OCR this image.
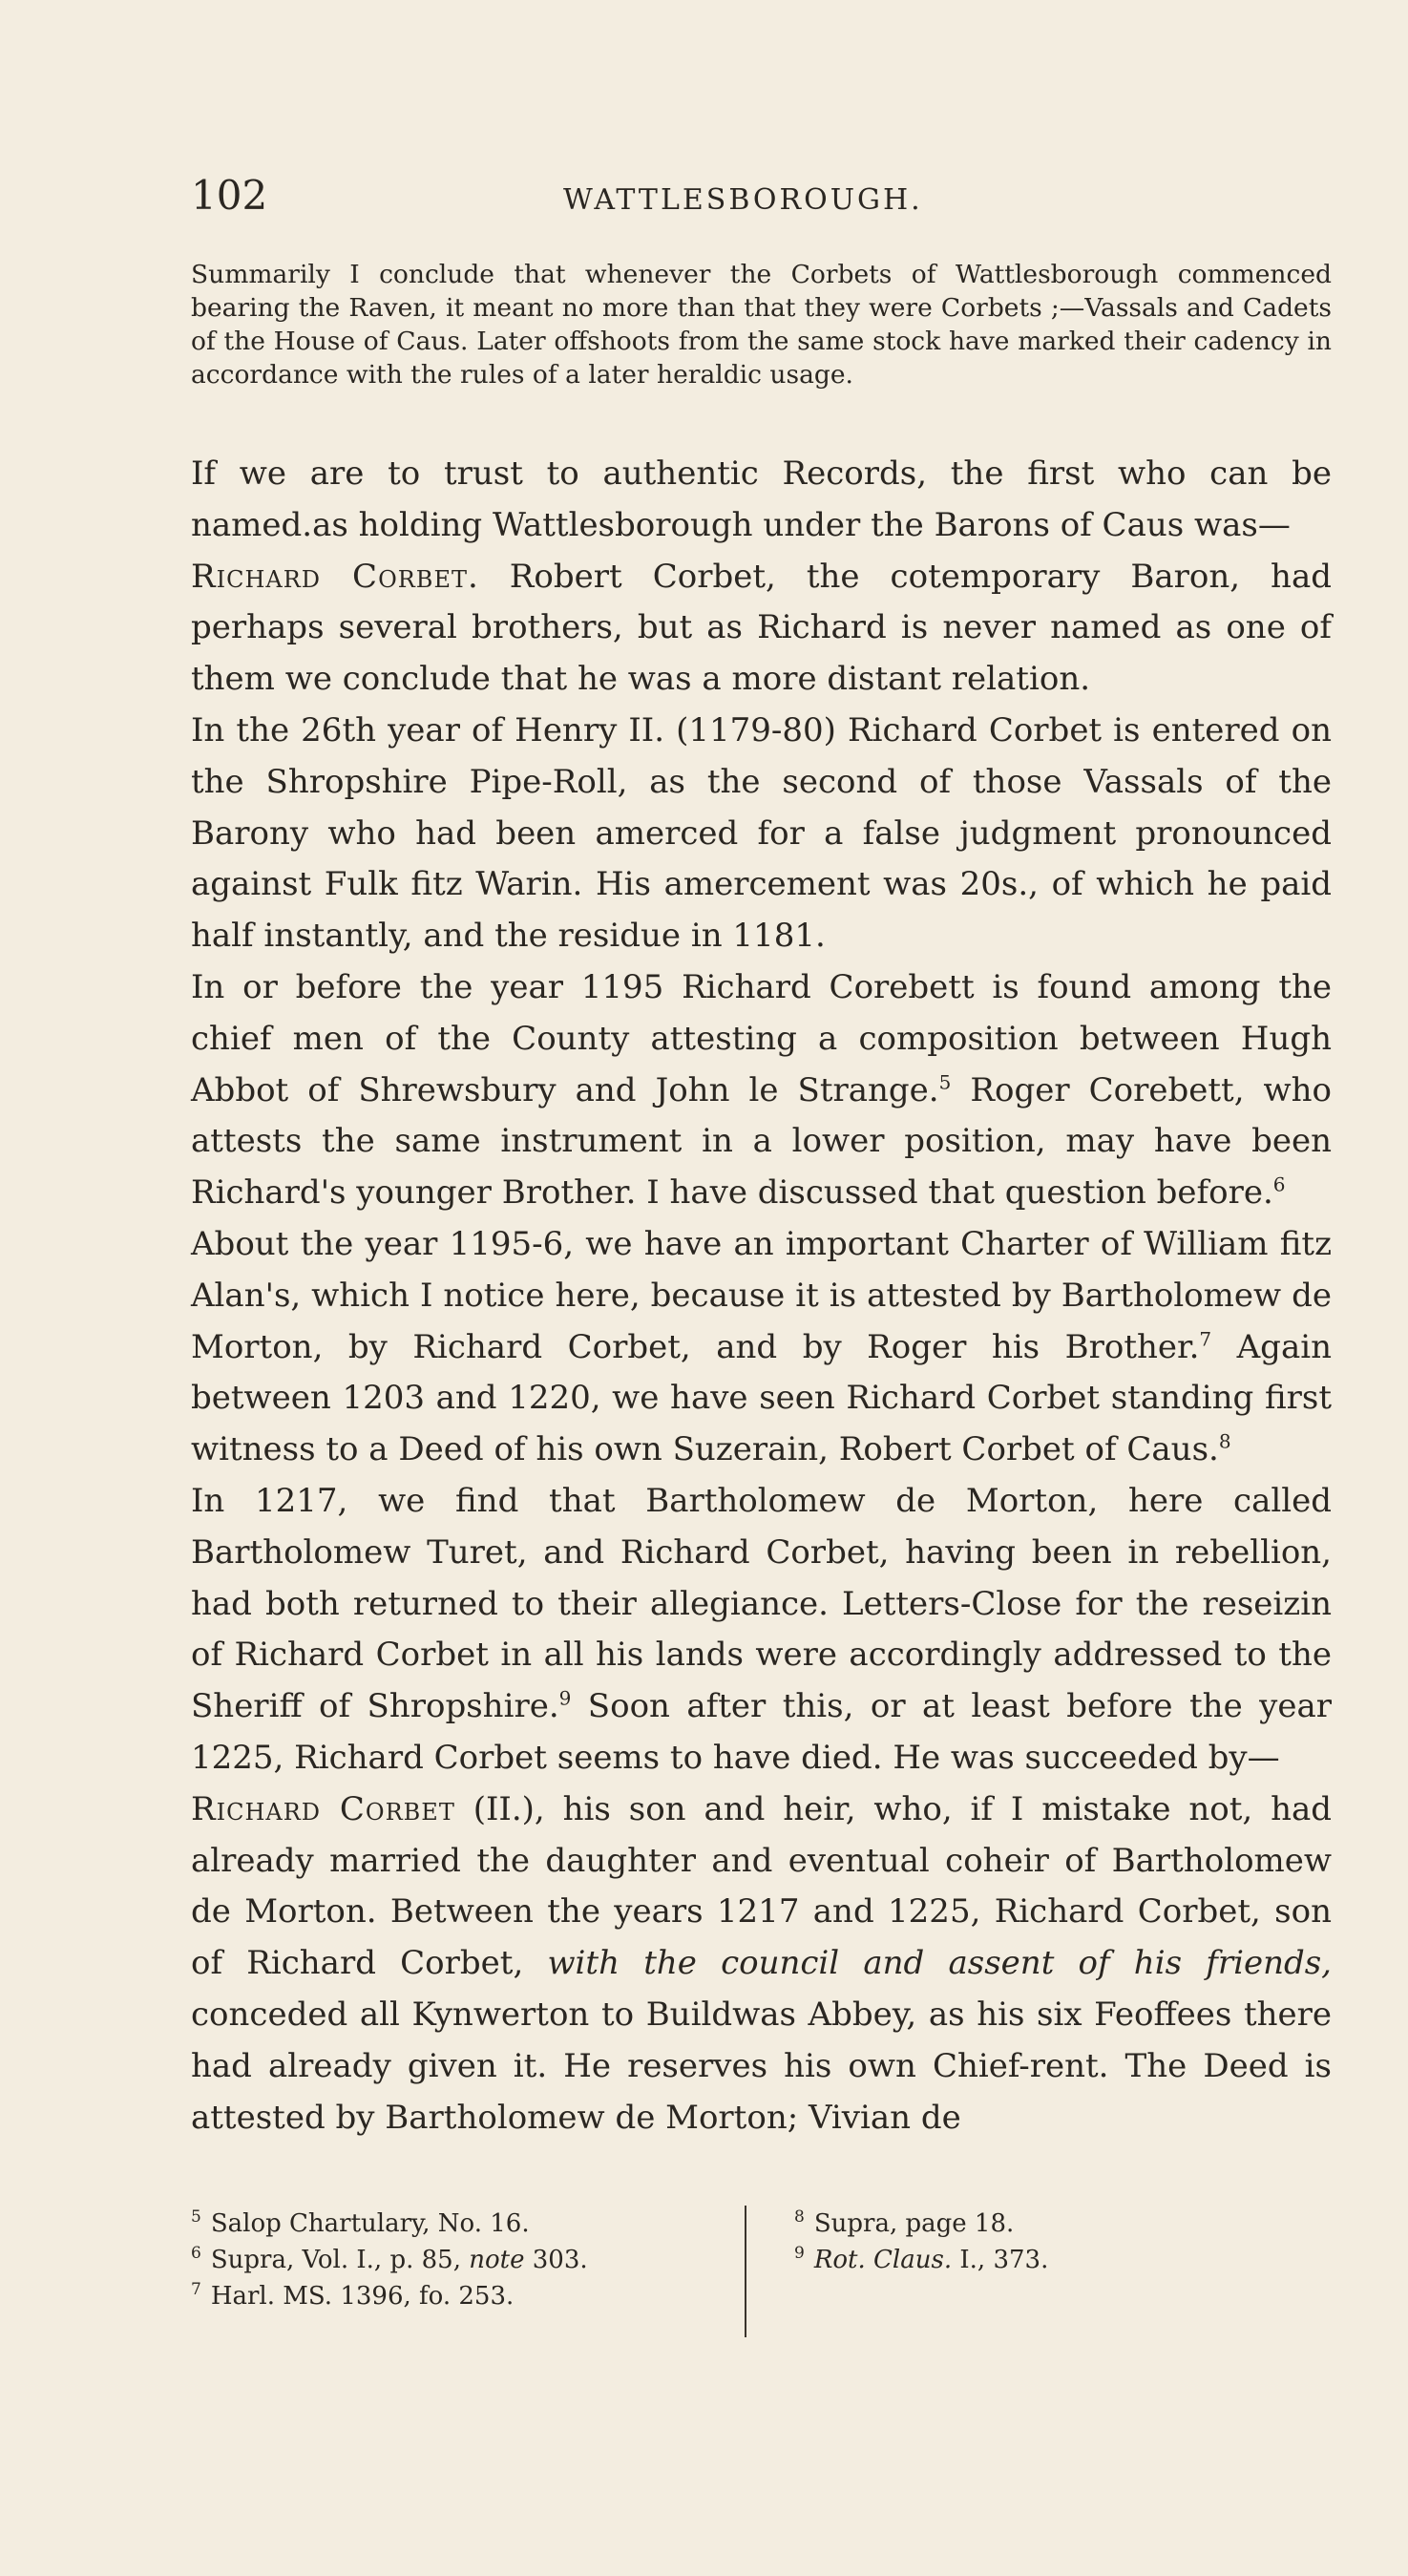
102	WATTLESBOROUGH.

Summarily I conclude that whenever the Corbets of Wattlesborough commenced bearing the Raven, it meant no more than that they were Corbets ;—Vassals and Cadets of the House of Caus. Later offshoots from the same stock have marked their cadency in accordance with the rules of a later heraldic usage.

If we are to trust to authentic Records, the first who can be named.as holding Wattlesborough under the Barons of Caus was—
Richard Corbet. Robert Corbet, the cotemporary Baron, had perhaps several brothers, but as Richard is never named as one of them we conclude that he was a more distant relation.

In the 26th year of Henry II. (1179-80) Richard Corbet is entered on the Shropshire Pipe-Roll, as the second of those Vassals of the Barony who had been amerced for a false judgment pronounced against Fulk fitz Warin. His amercement was 20s., of which he paid half instantly, and the residue in 1181.

In or before the year 1195 Richard Corebett is found among the chief men of the County attesting a composition between Hugh Abbot of Shrewsbury and John le Strange.$^5$ Roger Corebett, who attests the same instrument in a lower position, may have been Richard's younger Brother. I have discussed that question before.$^6$

About the year 1195-6, we have an important Charter of William fitz Alan's, which I notice here, because it is attested by Bartholomew de Morton, by Richard Corbet, and by Roger his Brother.$^7$ Again between 1203 and 1220, we have seen Richard Corbet standing first witness to a Deed of his own Suzerain, Robert Corbet of Caus.$^8$

In 1217, we find that Bartholomew de Morton, here called Bartholomew Turet, and Richard Corbet, having been in rebellion, had both returned to their allegiance. Letters-Close for the reseizin of Richard Corbet in all his lands were accordingly addressed to the Sheriff of Shropshire.$^9$ Soon after this, or at least before the year 1225, Richard Corbet seems to have died. He was succeeded by—

Richard Corbet (II.), his son and heir, who, if I mistake not, had already married the daughter and eventual coheir of Bartholomew de Morton. Between the years 1217 and 1225, Richard Corbet, son of Richard Corbet, with the council and assent of his friends, conceded all Kynwerton to Buildwas Abbey, as his six Feoffees there had already given it. He reserves his own Chief-rent. The Deed is attested by Bartholomew de Morton; Vivian de

$^5$ Salop Chartulary, No. 16.
$^6$ Supra, Vol. I., p. 85, note 303.
$^7$ Harl. MS. 1396, fo. 253.
$^8$ Supra, page 18.
$^9$ Rot. Claus. I., 373.
